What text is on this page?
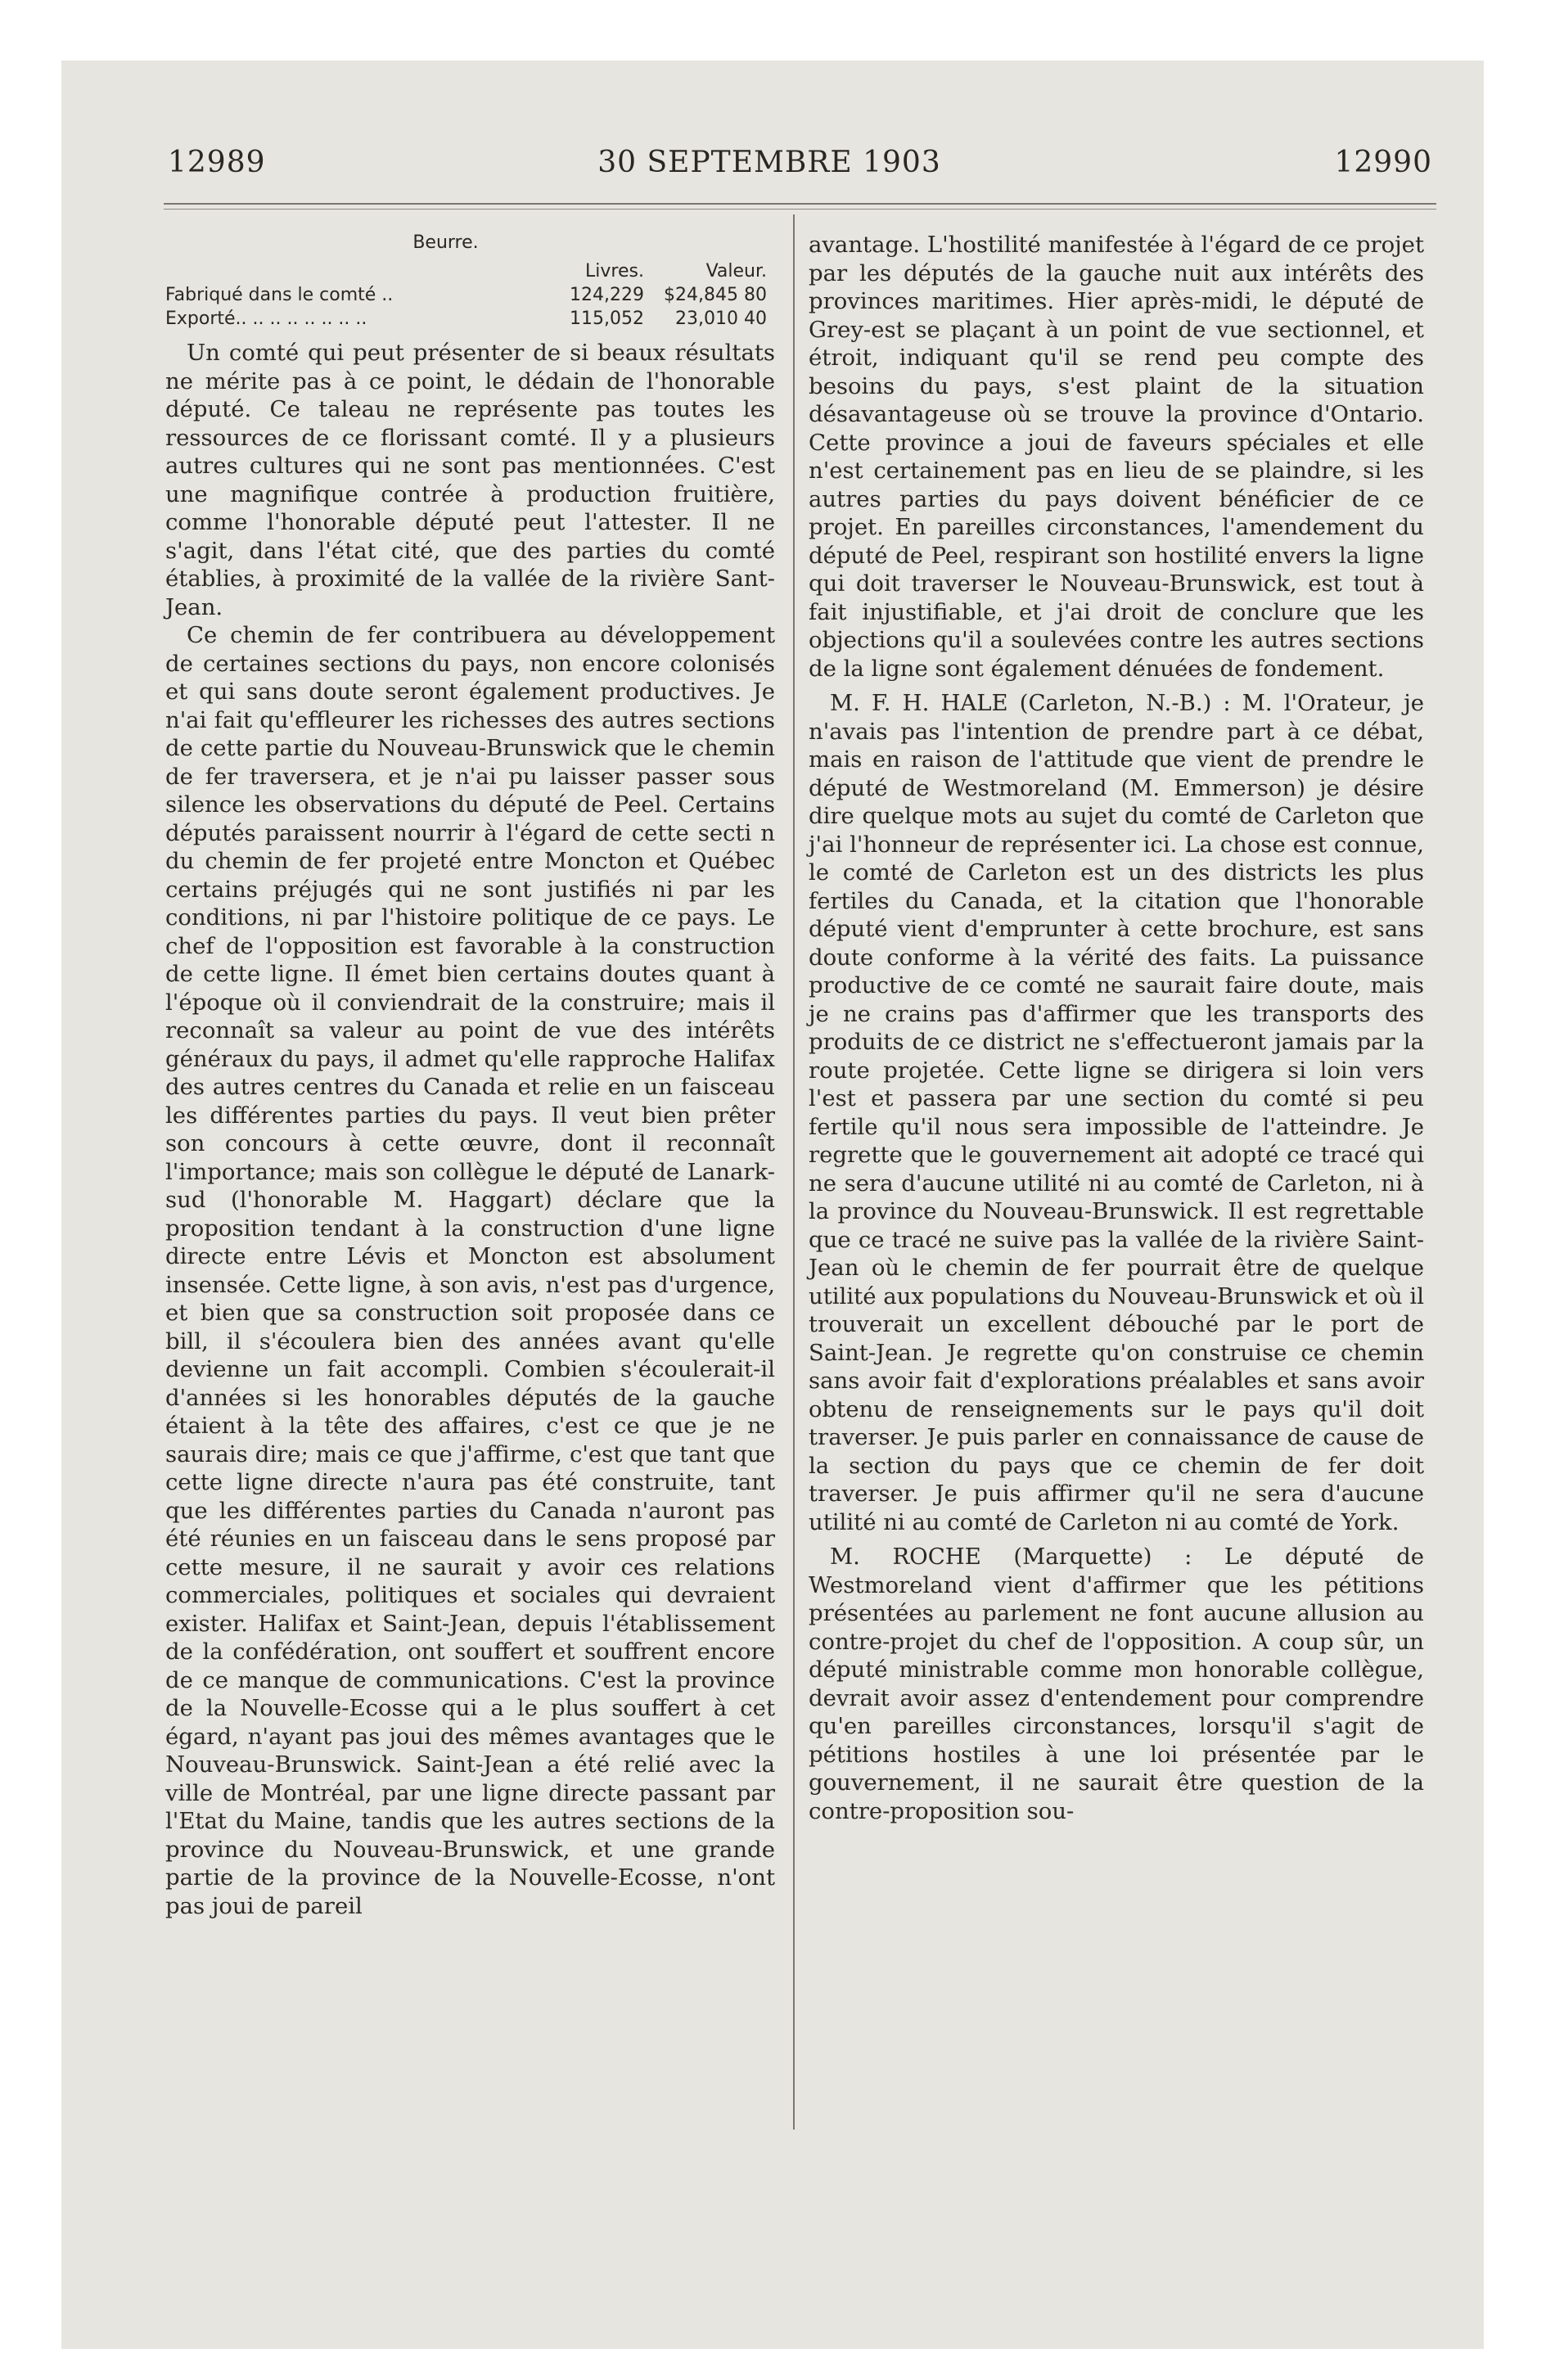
12989	30 SEPTEMBRE 1903	12990
Beurre.
Livres.	Valeur.
Fabriqué dans le comté ..	124,229	$24,845 80
Exporté.. .. .. .. .. .. .. ..	115,052	23,010 40

Un comté qui peut présenter de si beaux résultats ne mérite pas à ce point, le dédain de l'honorable député. Ce taleau ne représente pas toutes les ressources de ce florissant comté. Il y a plusieurs autres cultures qui ne sont pas mentionnées. C'est une magnifique contrée à production fruitière, comme l'honorable député peut l'attester. Il ne s'agit, dans l'état cité, que des parties du comté établies, à proximité de la vallée de la rivière Sant-Jean.

Ce chemin de fer contribuera au développement de certaines sections du pays, non encore colonisés et qui sans doute seront également productives. Je n'ai fait qu'effleurer les richesses des autres sections de cette partie du Nouveau-Brunswick que le chemin de fer traversera, et je n'ai pu laisser passer sous silence les observations du député de Peel. Certains députés paraissent nourrir à l'égard de cette secti n du chemin de fer projeté entre Moncton et Québec certains préjugés qui ne sont justifiés ni par les conditions, ni par l'histoire politique de ce pays. Le chef de l'opposition est favorable à la construction de cette ligne. Il émet bien certains doutes quant à l'époque où il conviendrait de la construire; mais il reconnaît sa valeur au point de vue des intérêts généraux du pays, il admet qu'elle rapproche Halifax des autres centres du Canada et relie en un faisceau les différentes parties du pays. Il veut bien prêter son concours à cette œuvre, dont il reconnaît l'importance; mais son collègue le député de Lanark-sud (l'honorable M. Haggart) déclare que la proposition tendant à la construction d'une ligne directe entre Lévis et Moncton est absolument insensée. Cette ligne, à son avis, n'est pas d'urgence, et bien que sa construction soit proposée dans ce bill, il s'écoulera bien des années avant qu'elle devienne un fait accompli. Combien s'écoulerait-il d'années si les honorables députés de la gauche étaient à la tête des affaires, c'est ce que je ne saurais dire; mais ce que j'affirme, c'est que tant que cette ligne directe n'aura pas été construite, tant que les différentes parties du Canada n'auront pas été réunies en un faisceau dans le sens proposé par cette mesure, il ne saurait y avoir ces relations commerciales, politiques et sociales qui devraient exister. Halifax et Saint-Jean, depuis l'établissement de la confédération, ont souffert et souffrent encore de ce manque de communications. C'est la province de la Nouvelle-Ecosse qui a le plus souffert à cet égard, n'ayant pas joui des mêmes avantages que le Nouveau-Brunswick. Saint-Jean a été relié avec la ville de Montréal, par une ligne directe passant par l'Etat du Maine, tandis que les autres sections de la province du Nouveau-Brunswick, et une grande partie de la province de la Nouvelle-Ecosse, n'ont pas joui de pareil

avantage. L'hostilité manifestée à l'égard de ce projet par les députés de la gauche nuit aux intérêts des provinces maritimes. Hier après-midi, le député de Grey-est se plaçant à un point de vue sectionnel, et étroit, indiquant qu'il se rend peu compte des besoins du pays, s'est plaint de la situation désavantageuse où se trouve la province d'Ontario. Cette province a joui de faveurs spéciales et elle n'est certainement pas en lieu de se plaindre, si les autres parties du pays doivent bénéficier de ce projet. En pareilles circonstances, l'amendement du député de Peel, respirant son hostilité envers la ligne qui doit traverser le Nouveau-Brunswick, est tout à fait injustifiable, et j'ai droit de conclure que les objections qu'il a soulevées contre les autres sections de la ligne sont également dénuées de fondement.

M. F. H. HALE (Carleton, N.-B.) : M. l'Orateur, je n'avais pas l'intention de prendre part à ce débat, mais en raison de l'attitude que vient de prendre le député de Westmoreland (M. Emmerson) je désire dire quelque mots au sujet du comté de Carleton que j'ai l'honneur de représenter ici. La chose est connue, le comté de Carleton est un des districts les plus fertiles du Canada, et la citation que l'honorable député vient d'emprunter à cette brochure, est sans doute conforme à la vérité des faits. La puissance productive de ce comté ne saurait faire doute, mais je ne crains pas d'affirmer que les transports des produits de ce district ne s'effectueront jamais par la route projetée. Cette ligne se dirigera si loin vers l'est et passera par une section du comté si peu fertile qu'il nous sera impossible de l'atteindre. Je regrette que le gouvernement ait adopté ce tracé qui ne sera d'aucune utilité ni au comté de Carleton, ni à la province du Nouveau-Brunswick. Il est regrettable que ce tracé ne suive pas la vallée de la rivière Saint-Jean où le chemin de fer pourrait être de quelque utilité aux populations du Nouveau-Brunswick et où il trouverait un excellent débouché par le port de Saint-Jean. Je regrette qu'on construise ce chemin sans avoir fait d'explorations préalables et sans avoir obtenu de renseignements sur le pays qu'il doit traverser. Je puis parler en connaissance de cause de la section du pays que ce chemin de fer doit traverser. Je puis affirmer qu'il ne sera d'aucune utilité ni au comté de Carleton ni au comté de York.

M. ROCHE (Marquette) : Le député de Westmoreland vient d'affirmer que les pétitions présentées au parlement ne font aucune allusion au contre-projet du chef de l'opposition. A coup sûr, un député ministrable comme mon honorable collègue, devrait avoir assez d'entendement pour comprendre qu'en pareilles circonstances, lorsqu'il s'agit de pétitions hostiles à une loi présentée par le gouvernement, il ne saurait être question de la contre-proposition sou-
